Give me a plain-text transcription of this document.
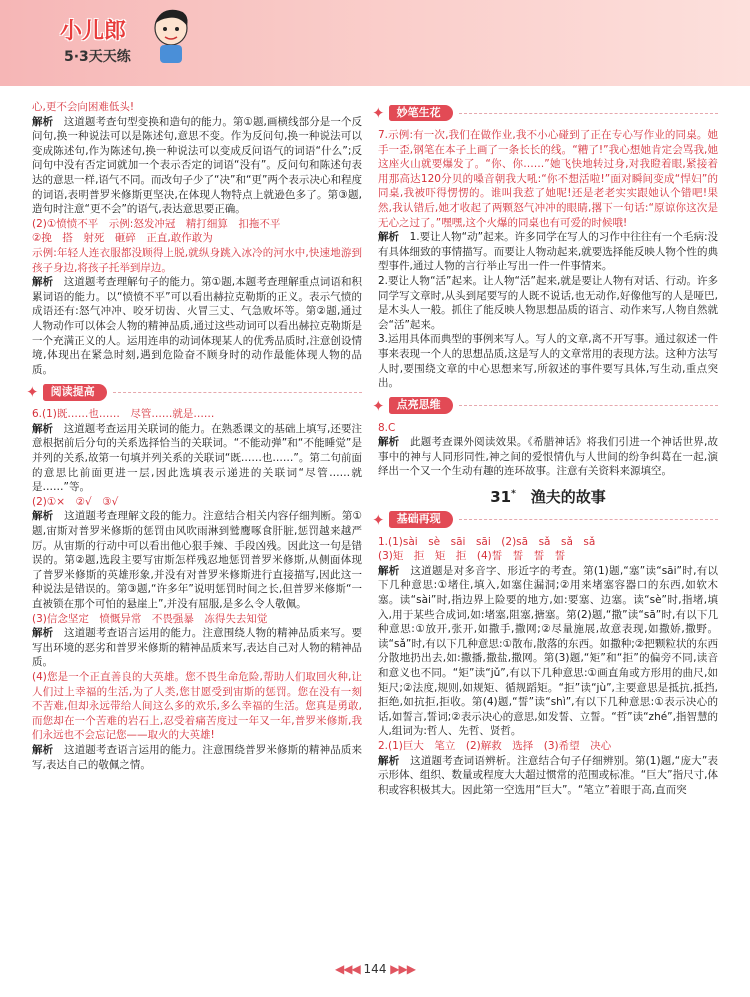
小儿郎
5·3天天练

心,更不会向困难低头!

解析　 这道题考查句型变换和造句的能力。第①题,画横线部分是一个反问句,换一种说法可以是陈述句,意思不变。作为反问句,换一种说法可以变成陈述句,作为陈述句,换一种说法可以变成反问语气的词语“什么”;反问句中没有否定词就加一个表示否定的词语“没有”。反问句和陈述句表达的意思一样,语气不同。而改句子少了“决”和“更”两个表示决心和程度的词语,表明普罗米修斯更坚决,在体现人物特点上就逊色多了。第③题,造句时注意“更不会”的语气,表达意思要正确。

(2)①愤愤不平　示例:怒发冲冠　精打细算　扣拖不平

②挽　搭　射死　砸碎　正直,敢作敢为

示例:年轻人连衣服都没顾得上脱,就纵身跳入冰冷的河水中,快速地游到孩子身边,将孩子托举到岸边。

解析　 这道题考查理解句子的能力。第①题,本题考查理解重点词语和积累词语的能力。以“愤愤不平”可以看出赫拉克勒斯的正义。表示气愤的成语还有:怒气冲冲、咬牙切齿、火冒三丈、气急败坏等。第②题,通过人物动作可以体会人物的精神品质,通过这些动词可以看出赫拉克勒斯是一个充满正义的人。运用连串的动词体现某人的优秀品质时,注意创设情境,体现出在紧急时刻,遇到危险奋不顾身时的动作最能体现人物的品质。

✦	阅读提高

6.(1)既……也……　尽管……就是……

解析　 这道题考查运用关联词的能力。在熟悉课文的基础上填写,还要注意根据前后分句的关系选择恰当的关联词。“不能动弹”和“不能睡觉”是并列的关系,故第一句填并列关系的关联词“既……也……”。第二句前面的意思比前面更进一层,因此选填表示递进的关联词“尽管……就是……”等。

(2)①×　②√　③√

解析　 这道题考查理解文段的能力。注意结合相关内容仔细判断。第①题,宙斯对普罗米修斯的惩罚由风吹雨淋到鹫鹰啄食肝脏,惩罚越来越严厉。从宙斯的行动中可以看出他心狠手辣、手段凶残。因此这一句是错误的。第②题,选段主要写宙斯怎样残忍地惩罚普罗米修斯,从侧面体现了普罗米修斯的英雄形象,并没有对普罗米修斯进行直接描写,因此这一种说法是错误的。第③题,“许多年”说明惩罚时间之长,但普罗米修斯“一直被锁在那个可怕的悬崖上”,并没有屈服,是多么令人敬佩。

(3)信念坚定　愤慨异常　不畏强暴　冻得失去知觉

解析　 这道题考查语言运用的能力。注意围绕人物的精神品质来写。要写出环境的恶劣和普罗米修斯的精神品质来写,表达自己对人物的精神品质。

(4)您是一个正直善良的大英雄。您不畏生命危险,帮助人们取回火种,让人们过上幸福的生活,为了人类,您甘愿受到宙斯的惩罚。您在没有一刻不苦难,但却永远带给人间这么多的欢乐,多么幸福的生活。您真是勇敢,而您却在一个苦难的岩石上,忍受着痛苦度过一年又一年,普罗米修斯,我们永远也不会忘记您——取火的大英雄!

解析　 这道题考查语言运用的能力。注意围绕普罗米修斯的精神品质来写,表达自己的敬佩之情。

✦	妙笔生花

7.示例:有一次,我们在做作业,我不小心碰到了正在专心写作业的同桌。她手一歪,钢笔在本子上画了一条长长的线。“糟了!”我心想她肯定会骂我,她这座火山就要爆发了。“你、你……”她飞快地转过身,对我瞪着眼,紧接着用那高达120分贝的嗓音朝我大吼:“你不想活啦!”面对瞬间变成“悍妇”的同桌,我被吓得愣愣的。谁叫我惹了她呢!还是老老实实跟她认个错吧!果然,我认错后,她才收起了两颗怒气冲冲的眼睛,撂下一句话:“原谅你这次是无心之过了。”嘿嘿,这个火爆的同桌也有可爱的时候哦!

解析　 1.要让人物“动”起来。许多同学在写人的习作中往往有一个毛病:没有具体细致的事情描写。而要让人物动起来,就要选择能反映人物个性的典型事件,通过人物的言行举止写出一件一件事情来。

2.要让人物“活”起来。让人物“活”起来,就是要让人物有对话、行动。许多同学写文章时,从头到尾要写的人既不说话,也无动作,好像他写的人是哑巴,是木头人一般。抓住了能反映人物思想品质的语言、动作来写,人物自然就会“活”起来。

3.运用具体而典型的事例来写人。写人的文章,离不开写事。通过叙述一件事来表现一个人的思想品质,这是写人的文章常用的表现方法。这种方法写人时,要围绕文章的中心思想来写,所叙述的事件要写具体,写生动,重点突出。

✦	点亮思维

8.C

解析　 此题考查课外阅读效果。《希腊神话》将我们引进一个神话世界,故事中的神与人同形同性,神之间的爱恨情仇与人世间的纷争纠葛在一起,演绎出一个又一个生动有趣的连环故事。注意有关资料来源填空。

31*　 渔夫的故事
✦	基础再现

1.(1)sài　sè　sāi　sāi　(2)sā　sǎ　sǎ　sǎ

(3)矩　拒　矩　拒　(4)誓　誓　誓　誓

解析　 这道题是对多音字、形近字的考查。第(1)题,“塞”读“sāi”时,有以下几种意思:①堵住,填入,如塞住漏洞;②用来堵塞容器口的东西,如软木塞。读“sài”时,指边界上险要的地方,如:要塞、边塞。读“sè”时,指堵,填入,用于某些合成词,如:堵塞,阻塞,搪塞。第(2)题,“撒”读“sā”时,有以下几种意思:①放开,张开,如撒手,撒网;②尽量施展,故意表现,如撒娇,撒野。读“sǎ”时,有以下几种意思:①散布,散落的东西。如撒种;②把颗粒状的东西分散地扔出去,如:撒播,撒盐,撒网。第(3)题,“矩”和“拒”的偏旁不同,读音和意义也不同。“矩”读“jǔ”,有以下几种意思:①画直角或方形用的曲尺,如矩尺;②法度,规则,如规矩、循规蹈矩。“拒”读“jù”,主要意思是抵抗,抵挡,拒绝,如抗拒,拒收。第(4)题,“誓”读“shì”,有以下几种意思:①表示决心的话,如誓言,誓词;②表示决心的意思,如发誓、立誓。“哲”读“zhé”,指智慧的人,组词为:哲人、先哲、贤哲。

2.(1)巨大　笔立　(2)解救　选择　(3)希望　决心

解析　 这道题考查词语辨析。注意结合句子仔细辨别。第(1)题,“庞大”表示形体、组织、数量或程度大大超过惯常的范围或标准。“巨大”指尺寸,体积或容积极其大。因此第一空选用“巨大”。“笔立”着眼于高,直而突

◀◀◀ 144 ▶▶▶
